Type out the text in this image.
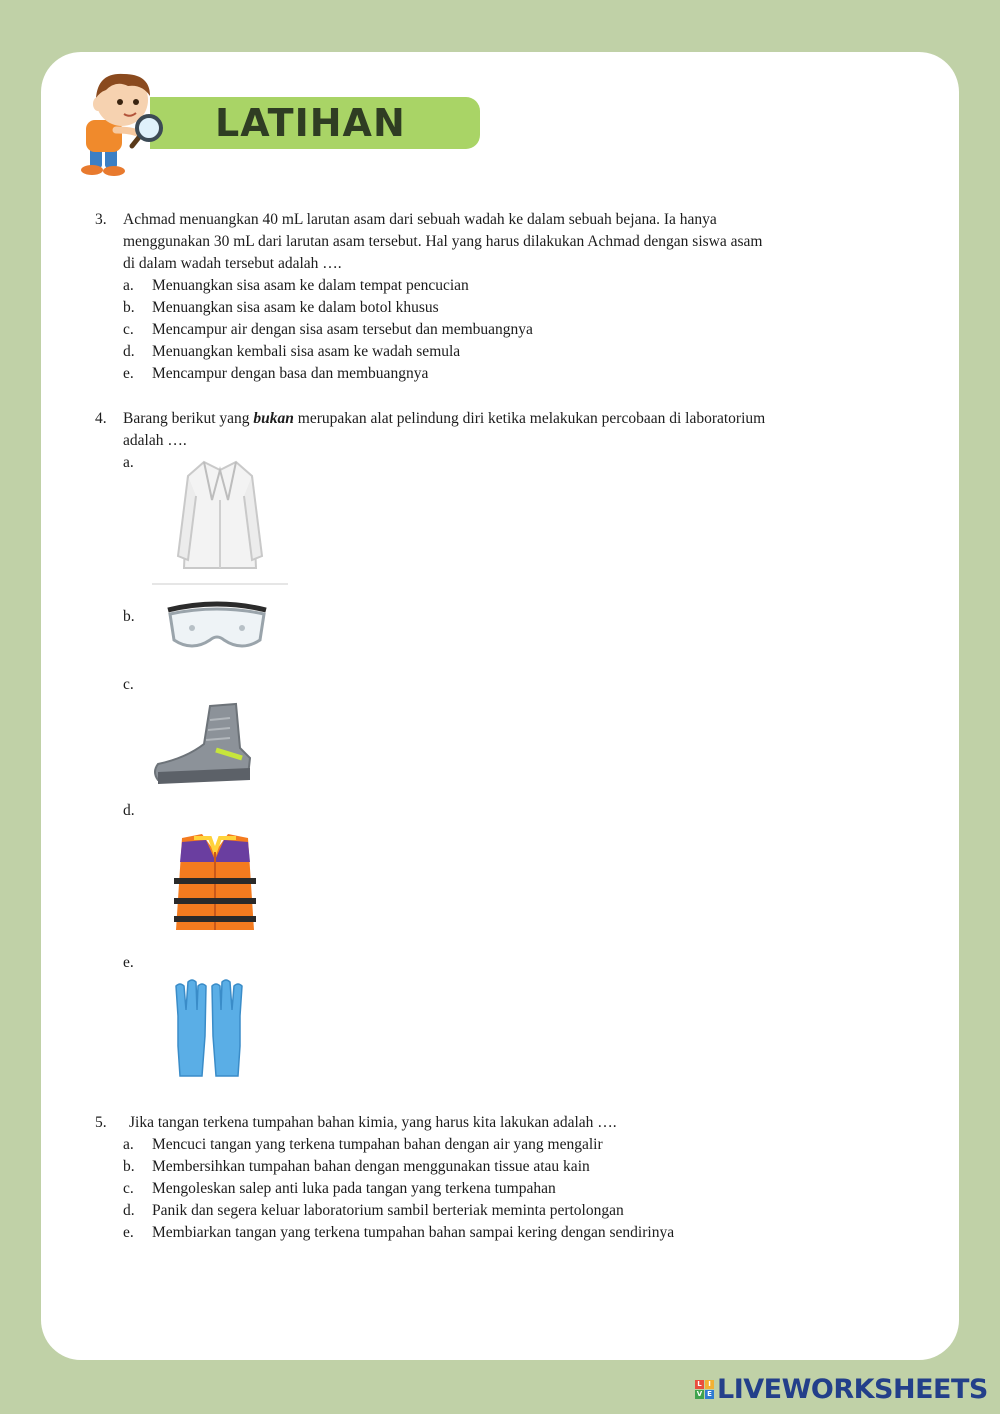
LATIHAN
3. Achmad menuangkan 40 mL larutan asam dari sebuah wadah ke dalam sebuah bejana. Ia hanya menggunakan 30 mL dari larutan asam tersebut. Hal yang harus dilakukan Achmad dengan siswa asam di dalam wadah tersebut adalah ….
a. Menuangkan sisa asam ke dalam tempat pencucian
b. Menuangkan sisa asam ke dalam botol khusus
c. Mencampur air dengan sisa asam tersebut dan membuangnya
d. Menuangkan kembali sisa asam ke wadah semula
e. Mencampur dengan basa dan membuangnya
4. Barang berikut yang bukan merupakan alat pelindung diri ketika melakukan percobaan di laboratorium adalah ….
a.
b.
c.
d.
e.
5. Jika tangan terkena tumpahan bahan kimia, yang harus kita lakukan adalah ….
a. Mencuci tangan yang terkena tumpahan bahan dengan air yang mengalir
b. Membersihkan tumpahan bahan dengan menggunakan tissue atau kain
c. Mengoleskan salep anti luka pada tangan yang terkena tumpahan
d. Panik dan segera keluar laboratorium sambil berteriak meminta pertolongan
e. Membiarkan tangan yang terkena tumpahan bahan sampai kering dengan sendirinya
L I
V E LIVEWORKSHEETS
